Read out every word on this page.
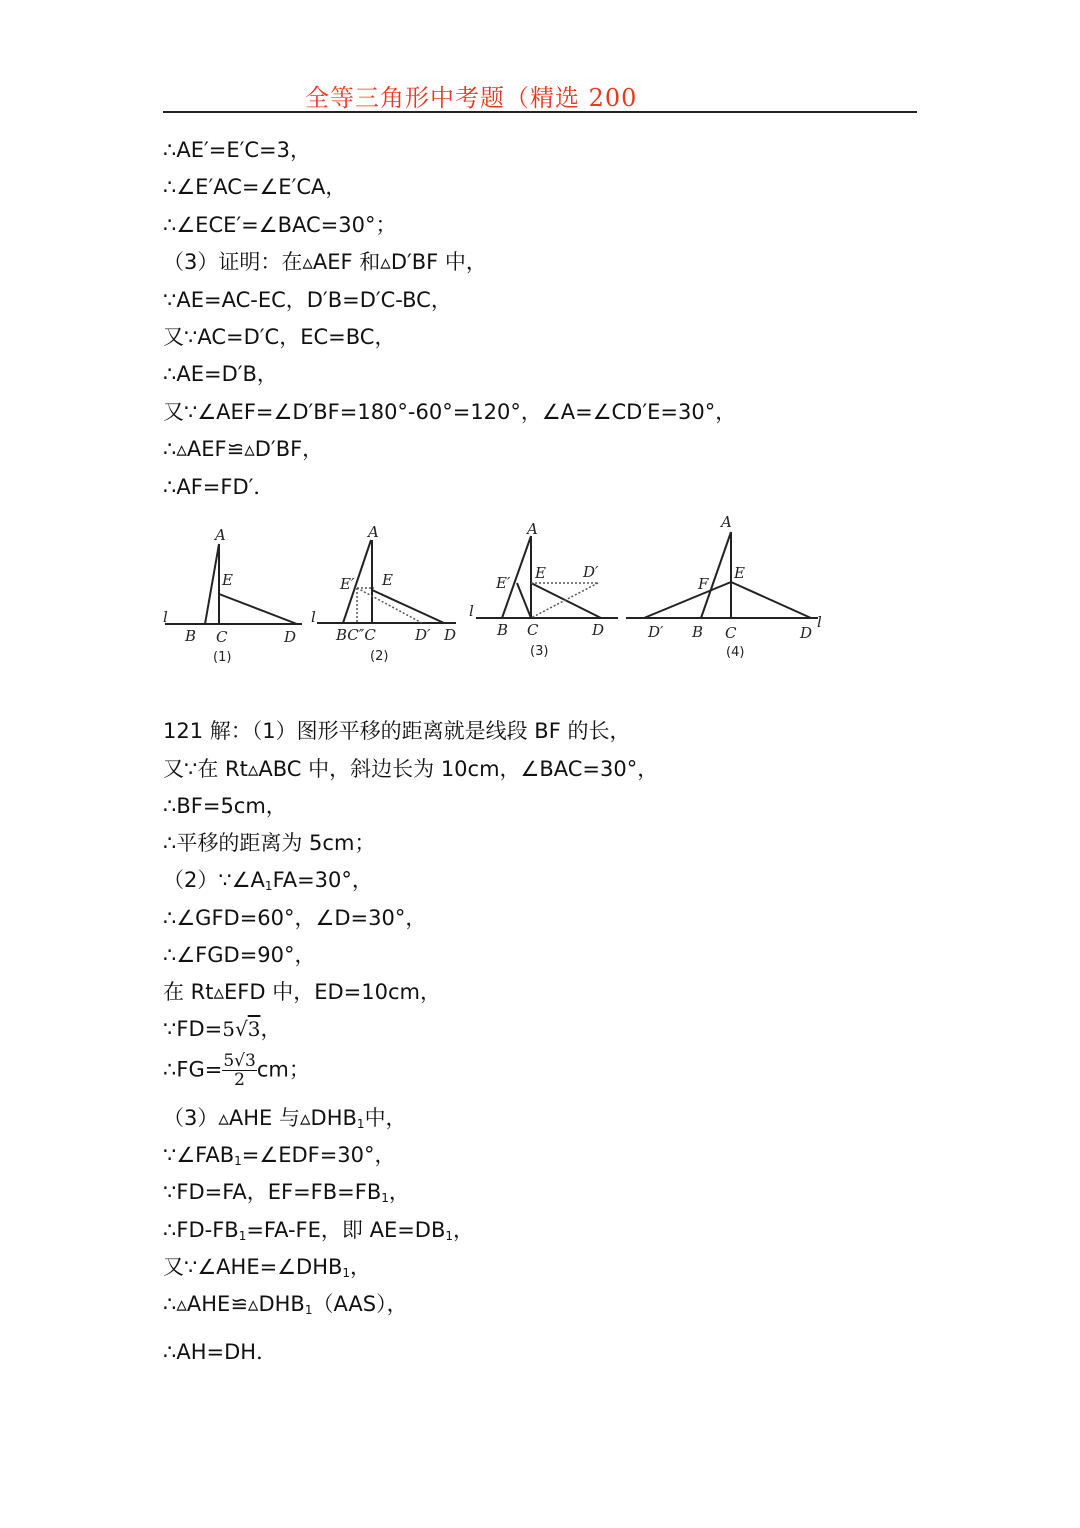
全等三角形中考题（精选 200
∴AE′=E′C=3，
∴∠E′AC=∠E′CA，
∴∠ECE′=∠BAC=30°；
（3）证明：在▵AEF 和▵D′BF 中，
∵AE=AC-EC，D′B=D′C-BC，
又∵AC=D′C，EC=BC，
∴AE=D′B，
又∵∠AEF=∠D′BF=180°-60°=120°，∠A=∠CD′E=30°，
∴▵AEF≌▵D′BF，
∴AF=FD′．
A
E
l
B C	D
(1)
A
E′ E
l
BC″C	D′ D
(2)
A
E′
E D′
l
B C	D
(3)
A
F
E
D′ B C	D
l
(4)
121 解：（1）图形平移的距离就是线段 BF 的长，
又∵在 Rt▵ABC 中，斜边长为 10cm，∠BAC=30°，
∴BF=5cm，
∴平移的距离为 5cm；
$(2)\because\angle A_1FA=30^\circ$，
∴∠GFD=60°，∠D=30°，
∴∠FGD=90°，
在 Rt▵EFD 中，ED=10cm，
∵FD=5√3，
∴FG= $\frac{5√3}{2}$ cm；
（3）▵AHE 与$▵DHB_1$中，
$\because\angle FAB_1=\angle EDF=30^\circ$，
∵FD=FA，$EF=FB=FB_1$，
$\therefore FD-FB_1=FA-FE$，即 $AE=DB_1$，
又$\because\angle AHE=\angle DHB_1$，
$\therefore▵AHE≌▵DHB_1(AAS)$，
∴AH=DH．
